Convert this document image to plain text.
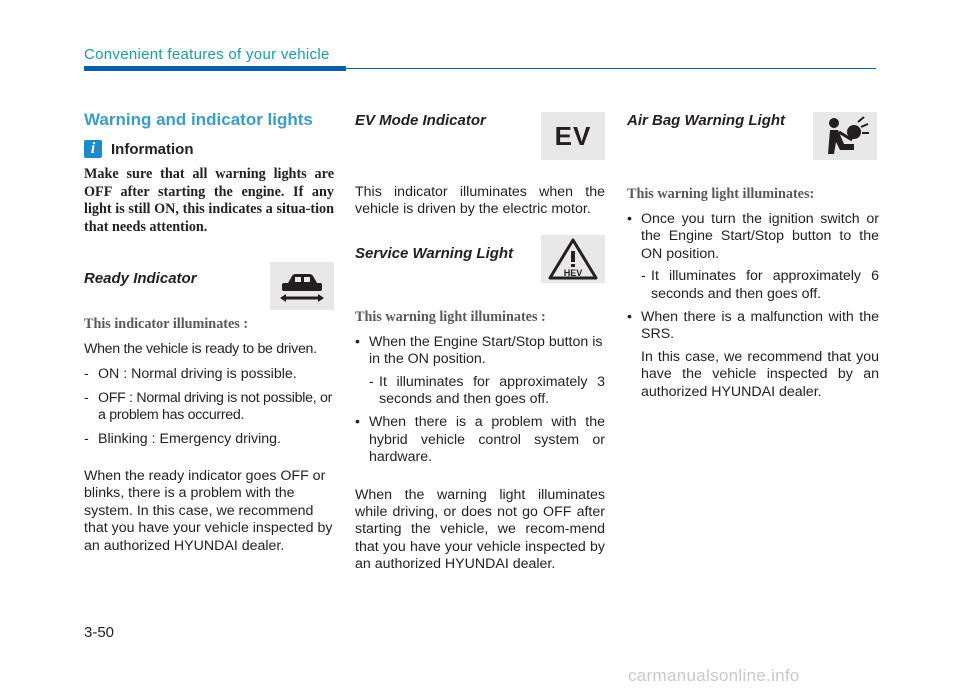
Convenient features of your vehicle
Warning and indicator lights
i	Information
Make sure that all warning lights are OFF after starting the engine. If any light is still ON, this indicates a situa-tion that needs attention.
Ready Indicator
This indicator illuminates :

When the vehicle is ready to be driven.

- ON : Normal driving is possible.
- OFF : Normal driving is not possible, or a problem has occurred.
- Blinking : Emergency driving.

When the ready indicator goes OFF or blinks, there is a problem with the system. In this case, we recommend that you have your vehicle inspected by an authorized HYUNDAI dealer.

EV Mode Indicator	EV

This indicator illuminates when the vehicle is driven by the electric motor.

Service Warning Light
HEV
This warning light illuminates :
• When the Engine Start/Stop button is in the ON position.
- It illuminates for approximately 3 seconds and then goes off.
• When there is a problem with the hybrid vehicle control system or hardware.

When the warning light illuminates while driving, or does not go OFF after starting the vehicle, we recom-mend that you have your vehicle inspected by an authorized HYUNDAI dealer.

Air Bag Warning Light
This warning light illuminates:
• Once you turn the ignition switch or the Engine Start/Stop button to the ON position.
- It illuminates for approximately 6 seconds and then goes off.
• When there is a malfunction with the SRS.
In this case, we recommend that you have the vehicle inspected by an authorized HYUNDAI dealer.
3-50
carmanualsonline.info
